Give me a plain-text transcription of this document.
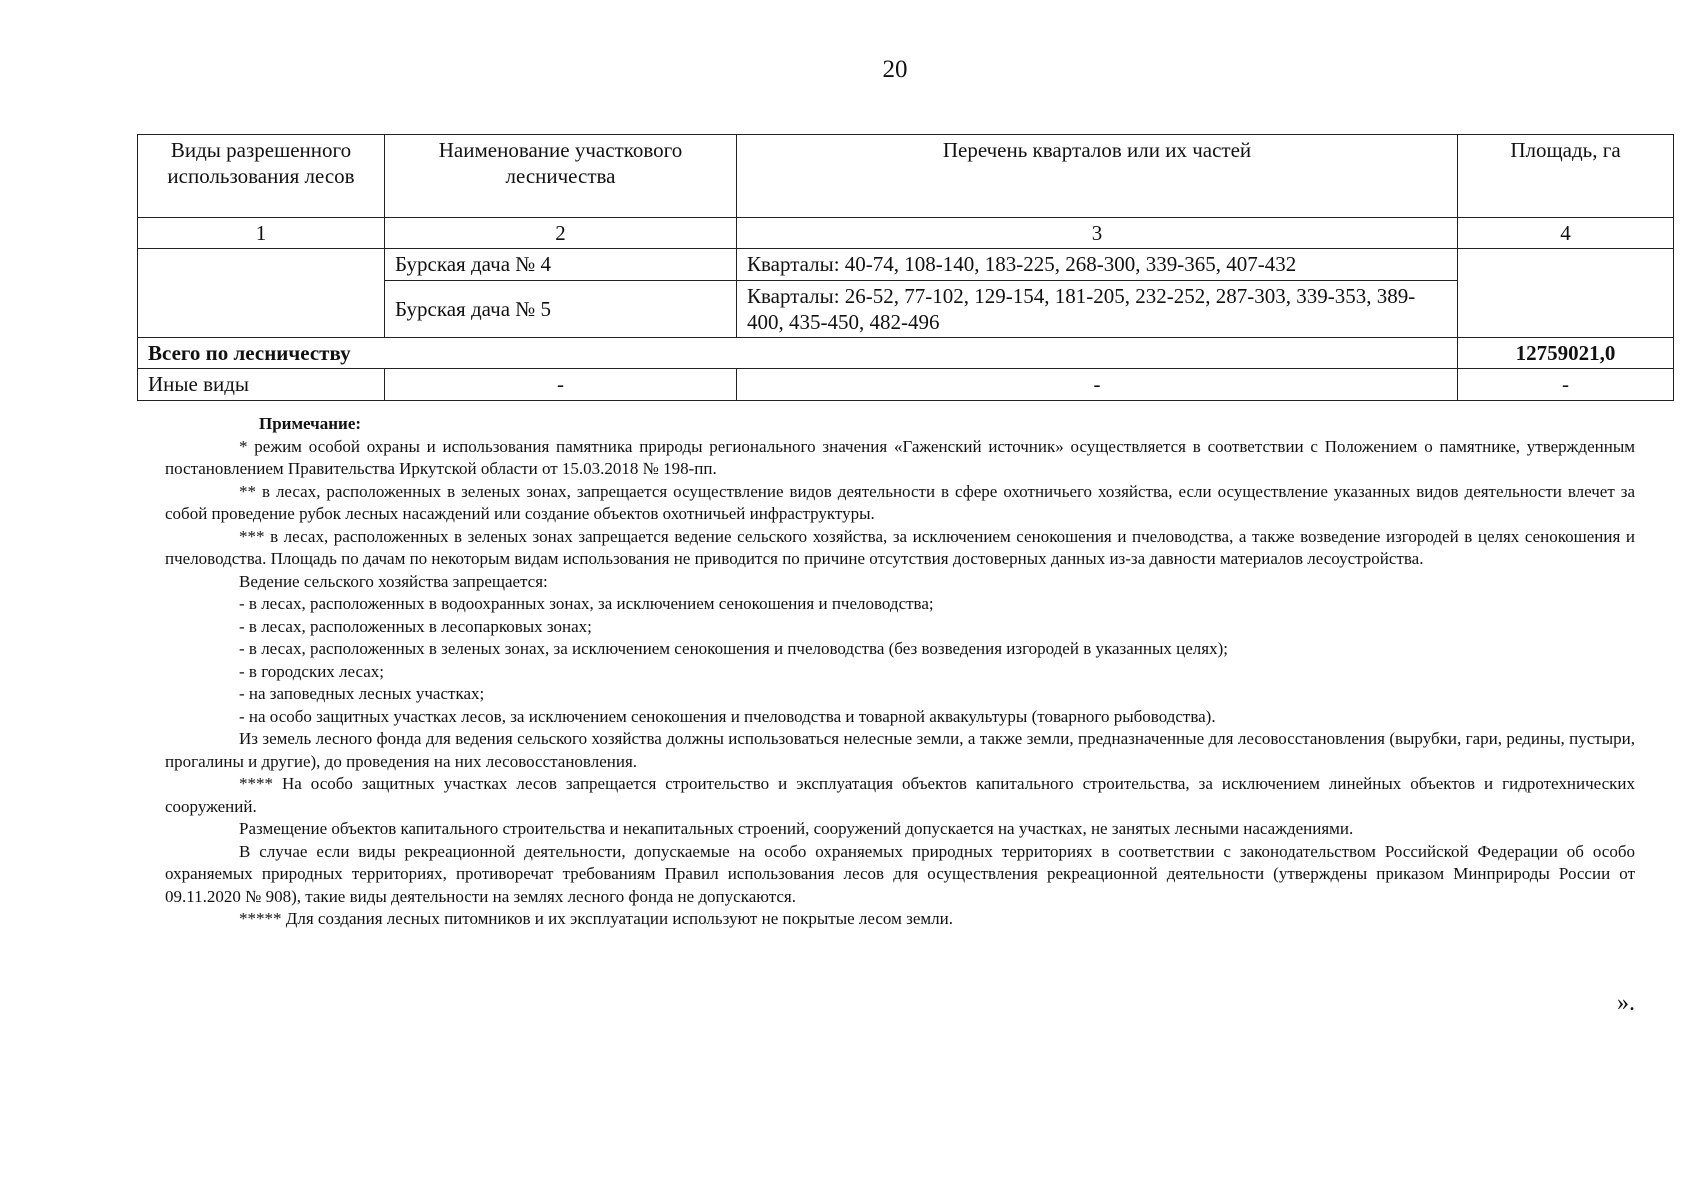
20
Виды разрешенного использования лесов	Наименование участкового лесничества	Перечень кварталов или их частей	Площадь, га
1	2	3	4
	Бурская дача № 4	Кварталы: 40-74, 108-140, 183-225, 268-300, 339-365, 407-432	
	Бурская дача № 5	Кварталы: 26-52, 77-102, 129-154, 181-205, 232-252, 287-303, 339-353, 389-400, 435-450, 482-496	
Всего по лесничеству			12759021,0
Иные виды	-	-	-

Примечание:

* режим особой охраны и использования памятника природы регионального значения «Гаженский источник» осуществляется в соответствии с Положением о памятнике, утвержденным постановлением Правительства Иркутской области от 15.03.2018 № 198-пп.

** в лесах, расположенных в зеленых зонах, запрещается осуществление видов деятельности в сфере охотничьего хозяйства, если осуществление указанных видов деятельности влечет за собой проведение рубок лесных насаждений или создание объектов охотничьей инфраструктуры.

*** в лесах, расположенных в зеленых зонах запрещается ведение сельского хозяйства, за исключением сенокошения и пчеловодства, а также возведение изгородей в целях сенокошения и пчеловодства. Площадь по дачам по некоторым видам использования не приводится по причине отсутствия достоверных данных из-за давности материалов лесоустройства.

Ведение сельского хозяйства запрещается:

- в лесах, расположенных в водоохранных зонах, за исключением сенокошения и пчеловодства;

- в лесах, расположенных в лесопарковых зонах;

- в лесах, расположенных в зеленых зонах, за исключением сенокошения и пчеловодства (без возведения изгородей в указанных целях);

- в городских лесах;

- на заповедных лесных участках;

- на особо защитных участках лесов, за исключением сенокошения и пчеловодства и товарной аквакультуры (товарного рыбоводства).

Из земель лесного фонда для ведения сельского хозяйства должны использоваться нелесные земли, а также земли, предназначенные для лесовосстановления (вырубки, гари, редины, пустыри, прогалины и другие), до проведения на них лесовосстановления.

**** На особо защитных участках лесов запрещается строительство и эксплуатация объектов капитального строительства, за исключением линейных объектов и гидротехнических сооружений.

Размещение объектов капитального строительства и некапитальных строений, сооружений допускается на участках, не занятых лесными насаждениями.

В случае если виды рекреационной деятельности, допускаемые на особо охраняемых природных территориях в соответствии с законодательством Российской Федерации об особо охраняемых природных территориях, противоречат требованиям Правил использования лесов для осуществления рекреационной деятельности (утверждены приказом Минприроды России от 09.11.2020 № 908), такие виды деятельности на землях лесного фонда не допускаются.

***** Для создания лесных питомников и их эксплуатации используют не покрытые лесом земли.

».
